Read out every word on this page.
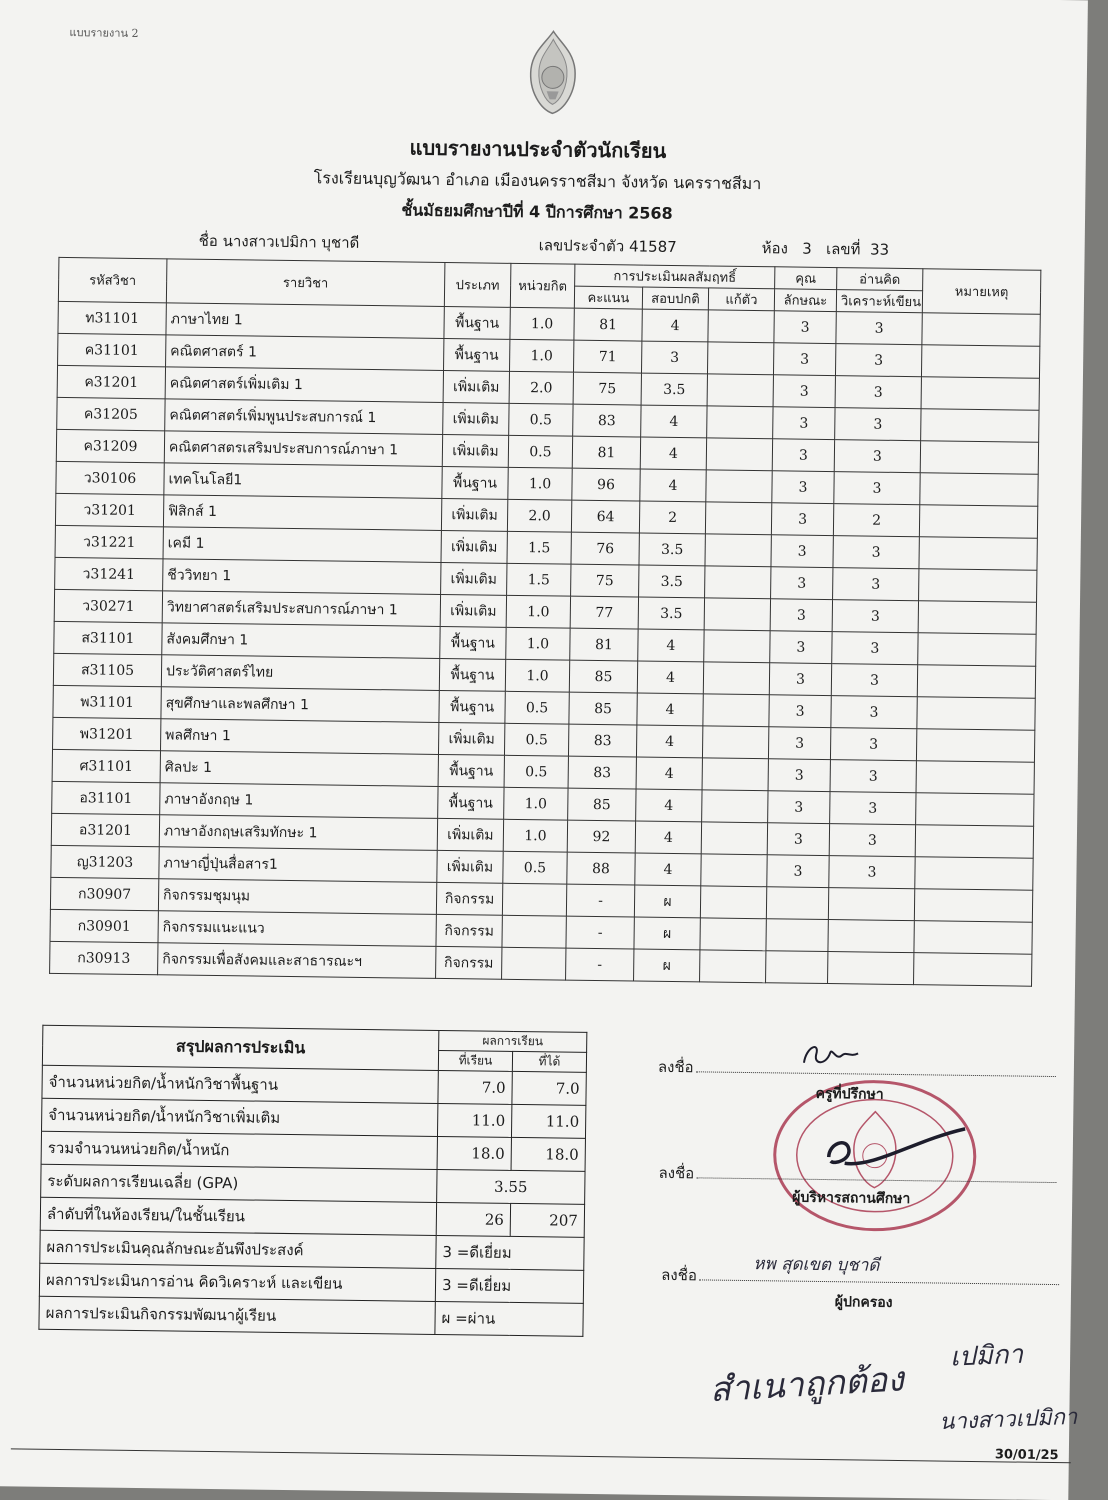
แบบรายงาน 2
แบบรายงานประจำตัวนักเรียน
โรงเรียนบุญวัฒนา อำเภอ เมืองนครราชสีมา จังหวัด นครราชสีมา
ชั้นมัธยมศึกษาปีที่ 4 ปีการศึกษา 2568
ชื่อ นางสาวเปมิกา บุชาดี	เลขประจำตัว 41587	ห้อง 3 เลขที่ 33
รหัสวิชา	รายวิชา	ประเภท	หน่วยกิต	การประเมินผลสัมฤทธิ์			คุณ	อ่านคิด	หมายเหตุ
				คะแนน	สอบปกติ	แก้ตัว	ลักษณะ	วิเคราะห์เขียน	
ท31101	ภาษาไทย 1	พื้นฐาน	1.0	81	4		3	3	
ค31101	คณิตศาสตร์ 1	พื้นฐาน	1.0	71	3		3	3	
ค31201	คณิตศาสตร์เพิ่มเติม 1	เพิ่มเติม	2.0	75	3.5		3	3	
ค31205	คณิตศาสตร์เพิ่มพูนประสบการณ์ 1	เพิ่มเติม	0.5	83	4		3	3	
ค31209	คณิตศาสตรเสริมประสบการณ์ภาษา 1	เพิ่มเติม	0.5	81	4		3	3	
ว30106	เทคโนโลยี1	พื้นฐาน	1.0	96	4		3	3	
ว31201	ฟิสิกส์ 1	เพิ่มเติม	2.0	64	2		3	2	
ว31221	เคมี 1	เพิ่มเติม	1.5	76	3.5		3	3	
ว31241	ชีววิทยา 1	เพิ่มเติม	1.5	75	3.5		3	3	
ว30271	วิทยาศาสตร์เสริมประสบการณ์ภาษา 1	เพิ่มเติม	1.0	77	3.5		3	3	
ส31101	สังคมศึกษา 1	พื้นฐาน	1.0	81	4		3	3	
ส31105	ประวัติศาสตร์ไทย	พื้นฐาน	1.0	85	4		3	3	
พ31101	สุขศึกษาและพลศึกษา 1	พื้นฐาน	0.5	85	4		3	3	
พ31201	พลศึกษา 1	เพิ่มเติม	0.5	83	4		3	3	
ศ31101	ศิลปะ 1	พื้นฐาน	0.5	83	4		3	3	
อ31101	ภาษาอังกฤษ 1	พื้นฐาน	1.0	85	4		3	3	
อ31201	ภาษาอังกฤษเสริมทักษะ 1	เพิ่มเติม	1.0	92	4		3	3	
ญ31203	ภาษาญี่ปุ่นสื่อสาร1	เพิ่มเติม	0.5	88	4		3	3	
ก30907	กิจกรรมชุมนุม	กิจกรรม		-	ผ				
ก30901	กิจกรรมแนะแนว	กิจกรรม		-	ผ				
ก30913	กิจกรรมเพื่อสังคมและสาธารณะฯ	กิจกรรม		-	ผ				
สรุปผลการประเมิน	ผลการเรียน	
	ที่เรียน	ที่ได้
จำนวนหน่วยกิต/น้ำหนักวิชาพื้นฐาน	7.0	7.0
จำนวนหน่วยกิต/น้ำหนักวิชาเพิ่มเติม	11.0	11.0
รวมจำนวนหน่วยกิต/น้ำหนัก	18.0	18.0
ระดับผลการเรียนเฉลี่ย (GPA)	3.55	
ลำดับที่ในห้องเรียน/ในชั้นเรียน	26	207
ผลการประเมินคุณลักษณะอันพึงประสงค์	3 =ดีเยี่ยม	
ผลการประเมินการอ่าน คิดวิเคราะห์ และเขียน	3 =ดีเยี่ยม	
ผลการประเมินกิจกรรมพัฒนาผู้เรียน	ผ =ผ่าน	
ลงชื่อ
ครูที่ปรึกษา
ลงชื่อ
ผู้บริหารสถานศึกษา
ลงชื่อ	หพ สุดเขต บุชาดี
ผู้ปกครอง
สำเนาถูกต้อง
เปมิกา
นางสาวเปมิกา
30/01/25
